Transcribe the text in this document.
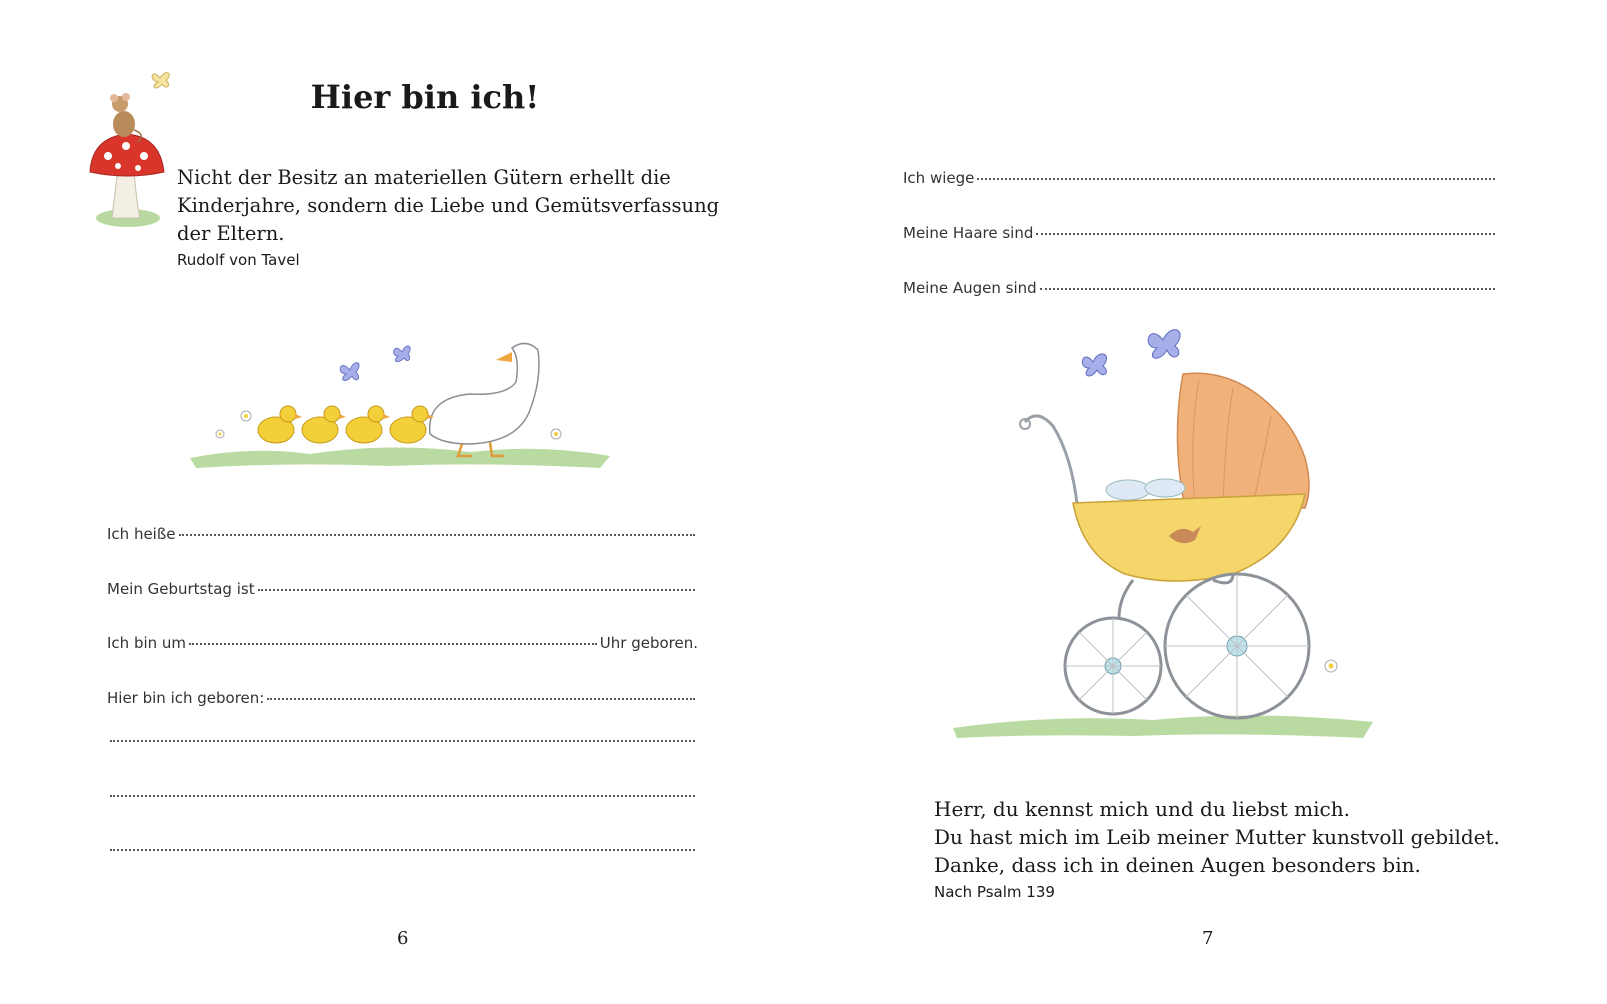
Hier bin ich!
Nicht der Besitz an materiellen Gütern erhellt die
Kinderjahre, sondern die Liebe und Gemütsverfassung
der Eltern.
Rudolf von Tavel
Ich heiße
Mein Geburtstag ist
Ich bin um	Uhr geboren.
Hier bin ich geboren:
6
Ich wiege
Meine Haare sind
Meine Augen sind
Herr, du kennst mich und du liebst mich.
Du hast mich im Leib meiner Mutter kunstvoll gebildet.
Danke, dass ich in deinen Augen besonders bin.
Nach Psalm 139
7
